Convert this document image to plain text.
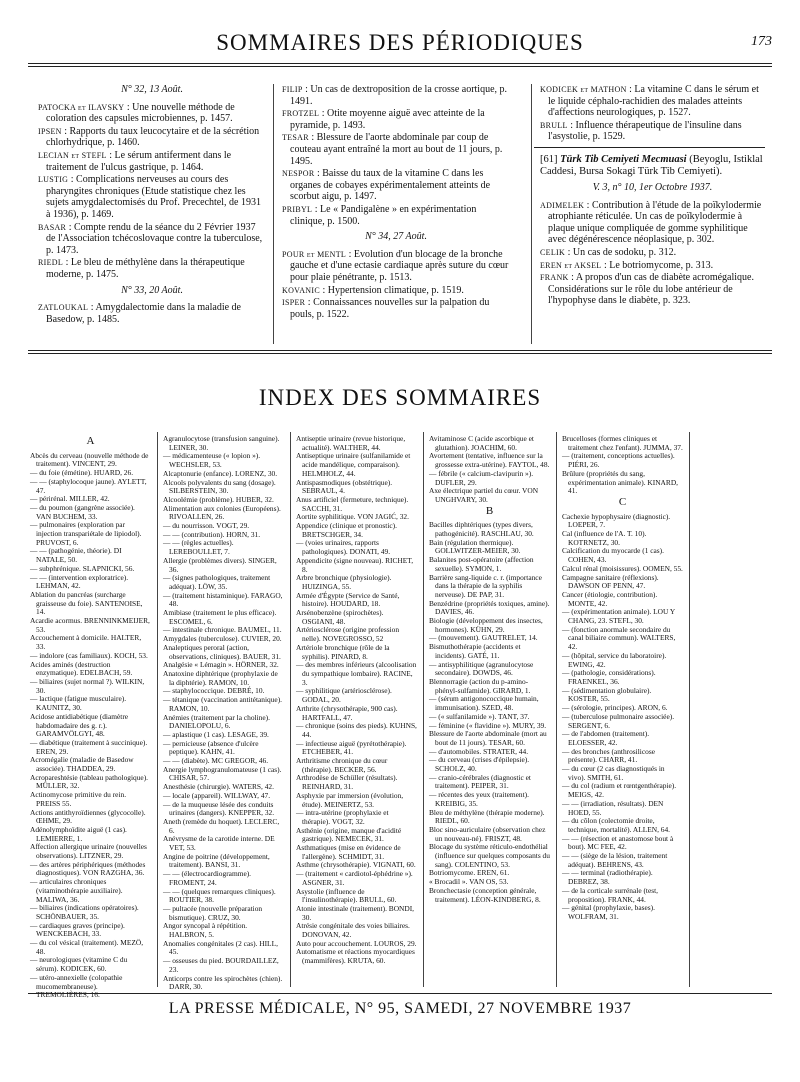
SOMMAIRES DES PÉRIODIQUES	173
N° 32, 13 Août.

PATOCKA et ILAVSKY : Une nouvelle méthode de coloration des capsules microbiennes, p. 1457.

IPSEN : Rapports du taux leucocytaire et de la sécrétion chlorhydrique, p. 1460.

LECIAN et STEFL : Le sérum antiferment dans le traitement de l'ulcus gastrique, p. 1464.

LUSTIG : Complications nerveuses au cours des pharyngites chroniques (Etude statistique chez les sujets amygdalectomisés du Prof. Precechtel, de 1931 à 1936), p. 1469.

BASAR : Compte rendu de la séance du 2 Février 1937 de l'Association tchécoslovaque contre la tuberculose, p. 1473.

RIEDL : Le bleu de méthylène dans la thérapeutique moderne, p. 1475.

N° 33, 20 Août.

ZATLOUKAL : Amygdalectomie dans la maladie de Basedow, p. 1485.

FILIP : Un cas de dextroposition de la crosse aortique, p. 1491.

FROTZEL : Otite moyenne aiguë avec atteinte de la pyramide, p. 1493.

TESAR : Blessure de l'aorte abdominale par coup de couteau ayant entraîné la mort au bout de 11 jours, p. 1495.

NESPOR : Baisse du taux de la vitamine C dans les organes de cobayes expérimentalement atteints de scorbut aigu, p. 1497.

PRIBYL : Le « Pandigalène » en expérimentation clinique, p. 1500.

N° 34, 27 Août.

POUR et MENTL : Evolution d'un blocage de la bronche gauche et d'une ectasie cardiaque après suture du cœur pour plaie pénétrante, p. 1513.

KOVANIC : Hypertension climatique, p. 1519.

ISPER : Connaissances nouvelles sur la palpation du pouls, p. 1522.

KODICEK et MATHON : La vitamine C dans le sérum et le liquide céphalo-rachidien des malades atteints d'affections neurologiques, p. 1527.

BRULL : Influence thérapeutique de l'insuline dans l'asystolie, p. 1529.

[61] Türk Tib Cemiyeti Mecmuasi (Beyoglu, Istiklal Caddesi, Bursa Sokagi Türk Tib Cemiyeti).
V. 3, n° 10, 1er Octobre 1937.

ADIMELEK : Contribution à l'étude de la poïkylodermie atrophiante réticulée. Un cas de poïkylodermie à plaque unique compliquée de gomme syphilitique avec dégénérescence néoplasique, p. 302.

CELIK : Un cas de sodoku, p. 312.

EREN et AKSEL : Le botriomycome, p. 313.

FRANK : A propos d'un cas de diabète acromégalique. Considérations sur le rôle du lobe antérieur de l'hypophyse dans le diabète, p. 323.

INDEX DES SOMMAIRES
A

Abcès du cerveau (nouvelle méthode de traitement). VINCENT, 29.

— du foie (émétine). HUARD, 26.

— — (staphylocoque jaune). AYLETT, 47.

— périrénal. MILLER, 42.

— du poumon (gangrène associée). VAN BUCHEM, 33.

— pulmonaires (exploration par injection transpariétale de lipiodol). PRUVOST, 6.

— — (pathogénie, théorie). DI NATALE, 50.

— subphrénique. SLAPNICKI, 56.

— — (intervention exploratrice). LEHMAN, 42.

Ablation du pancréas (surcharge graisseuse du foie). SANTENOISE, 14.

Acardie acormus. BRENNINKMEIJER, 53.

Accouchement à domicile. HALTER, 33.

— indolore (cas familiaux). KOCH, 53.

Acides aminés (destruction enzymatique). EDELBACH, 59.

— biliaires (sujet normal ?). WILKIN, 30.

— lactique (fatigue musculaire). KAUNITZ, 30.

Acidose antidiabétique (diamètre habdomadaire des g. r.). GARAMVÖLGYI, 48.

— diabétique (traitement à succinique). EREN, 29.

Acromégalie (maladie de Basedow associée). THADDEA, 29.

Acropareshtésie (tableau pathologique). MÜLLER, 32.

Actinomycose primitive du rein. PREISS 55.

Actions antithyroïdiennes (glycocolle). ŒHME, 29.

Adénolymphoïdite aiguë (1 cas). LEMIERRE, 1.

Affection allergique urinaire (nouvelles observations). LITZNER, 29.

— des artères périphériques (méthodes diagnostiques). VON RAZGHA, 36.

— articulaires chroniques (vitaminothérapie auxiliaire). MALIWA, 36.

— biliaires (indications opératoires). SCHÖNBAUER, 35.

— cardiaques graves (principe). WENCKEBACH, 33.

— du col vésical (traitement). MEZÖ, 48.

— neurologiques (vitamine C du sérum). KODICEK, 60.

— utéro-annexielle (colopathie mucomembraneuse). TREMOLIÈRES, 16.

Agranulocytose (transfusion sanguine). LEINER, 30.

— médicamenteuse (« lopion »). WECHSLER, 53.

Alcaptonurie (enfance). LORENZ, 30.

Alcools polyvalents du sang (dosage). SILBERSTEIN, 30.

Alcoolémie (problème). HUBER, 32.

Alimentation aux colonies (Européens). RIVOALLEN, 26.

— du nourrisson. VOGT, 29.

— — (contribution). HORN, 31.

— — (règles actuelles). LEREBOULLET, 7.

Allergie (problèmes divers). SINGER, 36.

— (signes pathologiques, traitement adéquat). LÖW, 35.

— (traitement histaminique). FARAGO, 48.

Amibiase (traitement le plus efficace). ESCOMEL, 6.

— intestinale chronique. BAUMEL, 11.

Amygdales (tuberculose). CUVIER, 20.

Analeptiques peroral (action, observations, cliniques). BAUER, 31.

Analgésie « Lémagin ». HÖRNER, 32.

Anatoxine diphtérique (prophylaxie de la diphtérie). RAMON, 10.

— staphylococcique. DEBRÉ, 10.

— tétanique (vaccination antitétanique). RAMON, 10.

Anémies (traitement par la choline). DANIELOPOLU, 6.

— aplastique (1 cas). LESAGE, 39.

— pernicieuse (absence d'ulcère peptique). KAHN, 41.

— — (diabète). MC GREGOR, 46.

Anergie lymphogranulomateuse (1 cas). CHISAR, 57.

Anesthésie (chirurgie). WATERS, 42.

— locale (appareil). WILLWAY, 47.

— de la muqueuse lésée des conduits urinaires (dangers). KNEPPER, 32.

Aneth (remède du hoquet). LECLERC, 6.

Anévrysme de la carotide interne. DE VET, 53.

Angine de poitrine (développement, traitement). BANSI, 31.

— — (électrocardiogramme). FROMENT, 24.

— — (quelques remarques cliniques). ROUTIER, 38.

— pultacée (nouvelle préparation bismutique). CRUZ, 30.

Angor syncopal à répétition. HALBRON, 5.

Anomalies congénitales (2 cas). HILL, 45.

— osseuses du pied. BOURDAILLEZ, 23.

Anticorps contre les spirochètes (chien). DARR, 30.

Antiseptie urinaire (revue historique, actualité). WALTHER, 44.

Antiseptique urinaire (sulfanilamide et acide mandélique, comparaison). HELMHOLZ, 44.

Antispasmodiques (obstétrique). SEBRAUL, 4.

Anus artificiel (fermeture, technique). SACCHI, 31.

Aortite syphilitique. VON JAGIĆ, 32.

Appendice (clinique et pronostic). BRETSCHGER, 34.

— (voies urinaires, rapports pathologiques). DONATI, 49.

Appendicite (signe nouveau). RICHET, 8.

Arbre bronchique (physiologie). HUIZINGA, 55.

Armée d'Égypte (Service de Santé, histoire). HOUDARD, 18.

Arsénobenzène (spirochètes). OSGIANI, 48.

Artériosclérose (origine profession nelle). NOVEGROSSO, 52

Artériole bronchique (rôle de la syphilis). PINARD, 8.

— des membres inférieurs (alcoolisation du sympathique lombaire). RACINE, 3.

— syphilitique (artériosclérose). GODAL, 20.

Arthrite (chrysothérapie, 900 cas). HARTFALL, 47.

— chronique (soins des pieds). KUHNS, 44.

— infectieuse aiguë (pyrétothérapie). ETCHEBER, 41.

Arthritisme chronique du cœur (thérapie). BECKER, 56.

Arthrodèse de Schüller (résultats). REINHARD, 31.

Asphyxie par immersion (évolution, étude). MEINERTZ, 53.

— intra-utérine (prophylaxie et thérapie). VOGT, 32.

Asthénie (origine, manque d'acidité gastrique). NEMECEK, 31.

Asthmatiques (mise en évidence de l'allergène). SCHMIDT, 31.

Asthme (chrysothérapie). VIGNATI, 60.

— (traitement « cardiotol-éphédrine »). ASGNER, 31.

Asystolie (influence de l'insulinothérapie). BRULL, 60.

Atonie intestinale (traitement). BONDI, 30.

Atrésie congénitale des voies biliaires. DONOVAN, 42.

Auto pour accouchement. LOUROS, 29.

Automatisme et réactions myocardiques (mammifères). KRUTA, 60.

Avitaminose C (acide ascorbique et glutathion). JOACHIM, 60.

Avortement (tentative, influence sur la grossesse extra-utérine). FAYTOL, 48.

— fébrile (« calcium-clavipurin »). DUFLER, 29.

Axe électrique partiel du cœur. VON UNGHVARY, 30.

B

Bacilles diphtériques (types divers, pathogénicité). RASCHLAU, 30.

Bain (régulation thermique). GOLLWITZER-MEIER, 30.

Balanites post-opératoire (affection sexuelle). SYMON, 1.

Barrière sang-liquide c. r. (importance dans la thérapie de la syphilis nerveuse). DE PAP, 31.

Benzédrine (propriétés toxiques, amine). DAVIES, 46.

Biologie (développement des insectes, hormones). KÜHN, 29.

— (mouvement). GAUTRELET, 14.

Bismuthothérapie (accidents et incidents). GATÉ, 11.

— antisyphilitique (agranulocytose secondaire). DOWDS, 46.

Blennorragie (action du p-amino-phényl-sulfamide). GIRARD, 1.

— (sérum antigonococcique humain, immunisation). SZED, 48.

— (« sulfanilamide »). TANT, 37.

— féminine (« flavidine »). MURY, 39.

Blessure de l'aorte abdominale (mort au bout de 11 jours). TESAR, 60.

— d'automobiles. STRATER, 44.

— du cerveau (crises d'épilepsie). SCHOLZ, 40.

— cranio-cérébrales (diagnostic et traitement). PEIPER, 31.

— récentes des yeux (traitement). KREIBIG, 35.

Bleu de méthylène (thérapie moderne). RIEDL, 60.

Bloc sino-auriculaire (observation chez un nouveau-né). FRISZT, 48.

Blocage du système réticulo-endothélial (influence sur quelques composants du sang). COLENTINO, 53.

Botriomycome. EREN, 61.

« Brocadil ». VAN OS, 53.

Bronchectasie (conception générale, traitement). LÉON-KINDBERG, 8.

Brucelloses (formes cliniques et traitement chez l'enfant). JUMMA, 37.

— (traitement, conceptions actuelles). PIÉRI, 26.

Brûlure (propriétés du sang, expérimentation animale). KINARD, 41.

C

Cachexie hypophysaire (diagnostic). LOEPER, 7.

Cal (influence de l'A. T. 10). KOTRNETZ, 30.

Calcification du myocarde (1 cas). COHEN, 43.

Calcul rénal (moisissures). OOMEN, 55.

Campagne sanitaire (réflexions). DAWSON OF PENN, 47.

Cancer (étiologie, contribution). MONTE, 42.

— (expérimentation animale). LOU Y CHANG, 23. STEFL, 30.

— (fonction anormale secondaire du canal biliaire commun). WALTERS, 42.

— (hôpital, service du laboratoire). EWING, 42.

— (pathologie, considérations). FRAENKEL, 36.

— (sédimentation globulaire). KOSTER, 55.

— (sérologie, principes). ARON, 6.

— (tuberculose pulmonaire associée). SERGENT, 6.

— de l'abdomen (traitement). ELOESSER, 42.

— des bronches (anthrosilicose présente). CHARR, 41.

— du cœur (2 cas diagnostiqués in vivo). SMITH, 61.

— du col (radium et rœntgenthérapie). MEIGS, 42.

— — (irradiation, résultats). DEN HOED, 55.

— du côlon (colectomie droite, technique, mortalité). ALLEN, 64.

— — (résection et anastomose bout à bout). MC FEE, 42.

— — (siège de la lésion, traitement adéquat). BEHRENS, 43.

— — terminal (radiothérapie). DEBREZ, 38.

— de la corticale surrénale (test, proposition). FRANK, 44.

— génital (prophylaxie, bases). WOLFRAM, 31.

LA PRESSE MÉDICALE, N° 95, SAMEDI, 27 NOVEMBRE 1937
